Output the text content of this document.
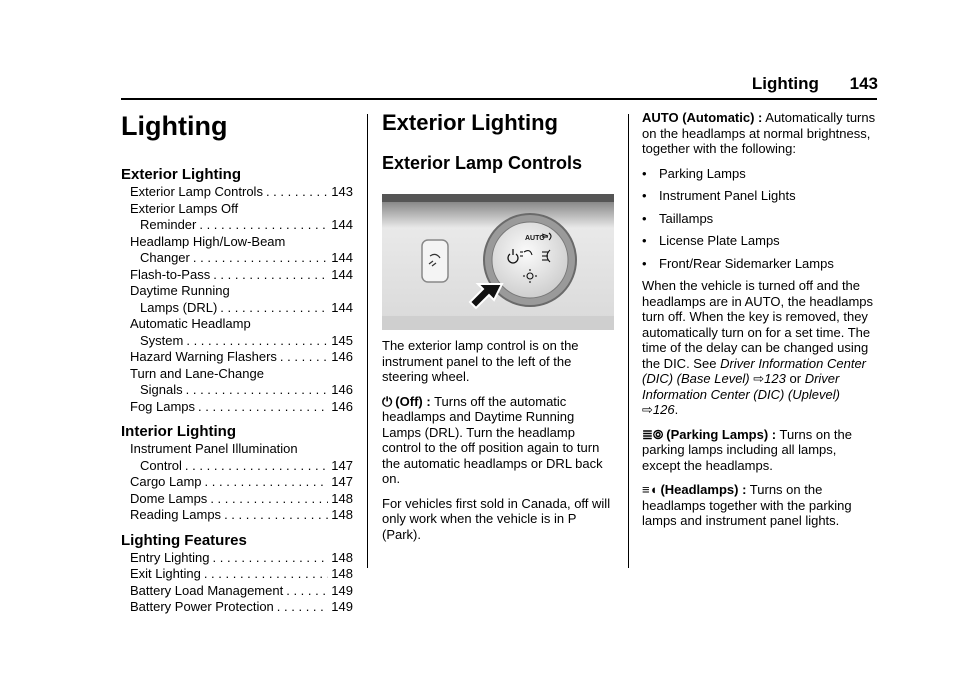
Lighting 143
Lighting
Exterior Lighting
Exterior Lamp Controls . . .	143
Exterior Lamps Off
Reminder . . .	144
Headlamp High/Low-Beam
Changer . . .	144
Flash-to-Pass . . .	144
Daytime Running
Lamps (DRL) . . .	144
Automatic Headlamp
System . . .	145
Hazard Warning Flashers . . .	146
Turn and Lane-Change
Signals . . .	146
Fog Lamps . . .	146
Interior Lighting
Instrument Panel Illumination
Control . . .	147
Cargo Lamp . . .	147
Dome Lamps . . .	148
Reading Lamps . . .	148
Lighting Features
Entry Lighting . . .	148
Exit Lighting . . .	148
Battery Load Management . . .	149
Battery Power Protection . . .	149
Exterior Lighting
Exterior Lamp Controls
AUTO

The exterior lamp control is on the instrument panel to the left of the steering wheel.

⏻ (Off) : Turns off the automatic headlamps and Daytime Running Lamps (DRL). Turn the headlamp control to the off position again to turn the automatic headlamps or DRL back on.

For vehicles first sold in Canada, off will only work when the vehicle is in P (Park).

AUTO (Automatic) : Automatically turns on the headlamps at normal brightness, together with the following:

• Parking Lamps
• Instrument Panel Lights
• Taillamps
• License Plate Lamps
• Front/Rear Sidemarker Lamps

When the vehicle is turned off and the headlamps are in AUTO, the headlamps turn off. When the key is removed, they automatically turn on for a set time. The time of the delay can be changed using the DIC. See Driver Information Center (DIC) (Base Level) ⇨123 or Driver Information Center (DIC) (Uplevel) ⇨126.

≣⦾ (Parking Lamps) : Turns on the parking lamps including all lamps, except the headlamps.

≡◖ (Headlamps) : Turns on the headlamps together with the parking lamps and instrument panel lights.
